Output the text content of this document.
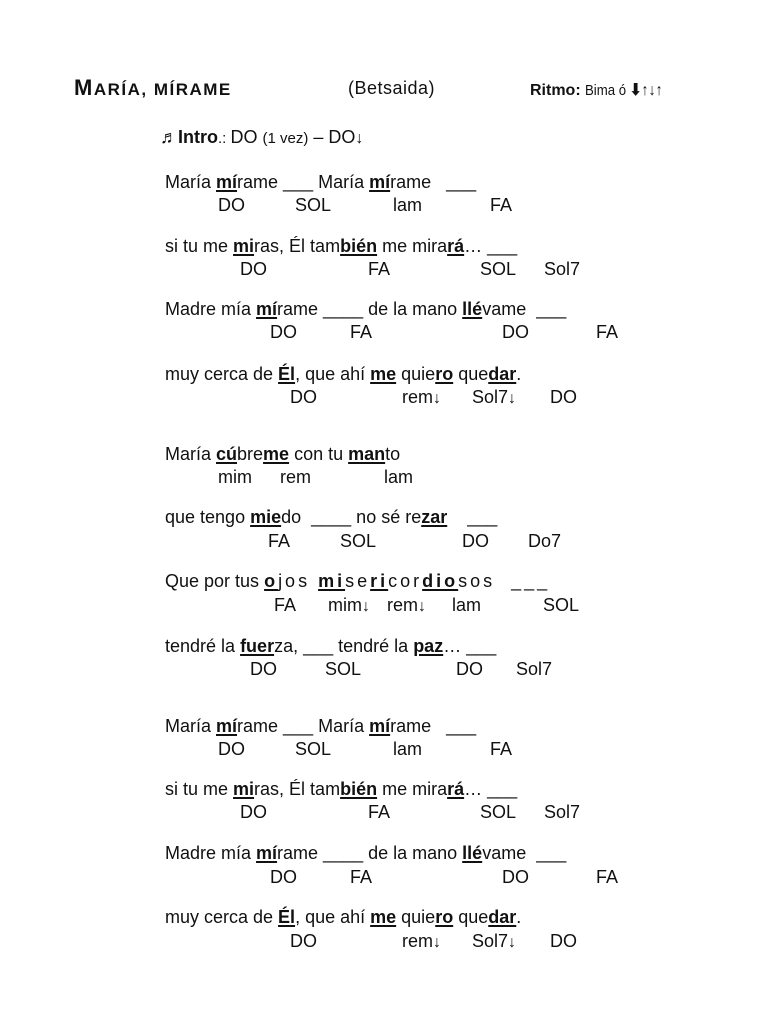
MARÍA, MÍRAME	(Betsaida)	Ritmo: Bima ó ⬇↑↓↑
♬Intro.: DO (1 vez) – DO↓
María mírame ___ María mírame   ___
DO	SOL	lam	FA
si tu me miras, Él también me mirará… ___
DO	FA	SOL Sol7
Madre mía mírame ____ de la mano llévame  ___
DO	FA	DO	FA
muy cerca de Él, que ahí me quiero quedar.
DO	rem↓ Sol7↓ DO
María cúbreme con tu manto
mim rem	lam
que tengo miedo  ____ no sé rezar    ___
FA	SOL	DO Do7
Que por tus ojos misericordiosos  ___
FA mim↓ rem↓ lam	SOL
tendré la fuerza, ___ tendré la paz… ___
DO	SOL	DO Sol7
María mírame ___ María mírame   ___
DO	SOL	lam	FA
si tu me miras, Él también me mirará… ___
DO	FA	SOL Sol7
Madre mía mírame ____ de la mano llévame  ___
DO	FA	DO	FA
muy cerca de Él, que ahí me quiero quedar.
DO	rem↓ Sol7↓ DO
